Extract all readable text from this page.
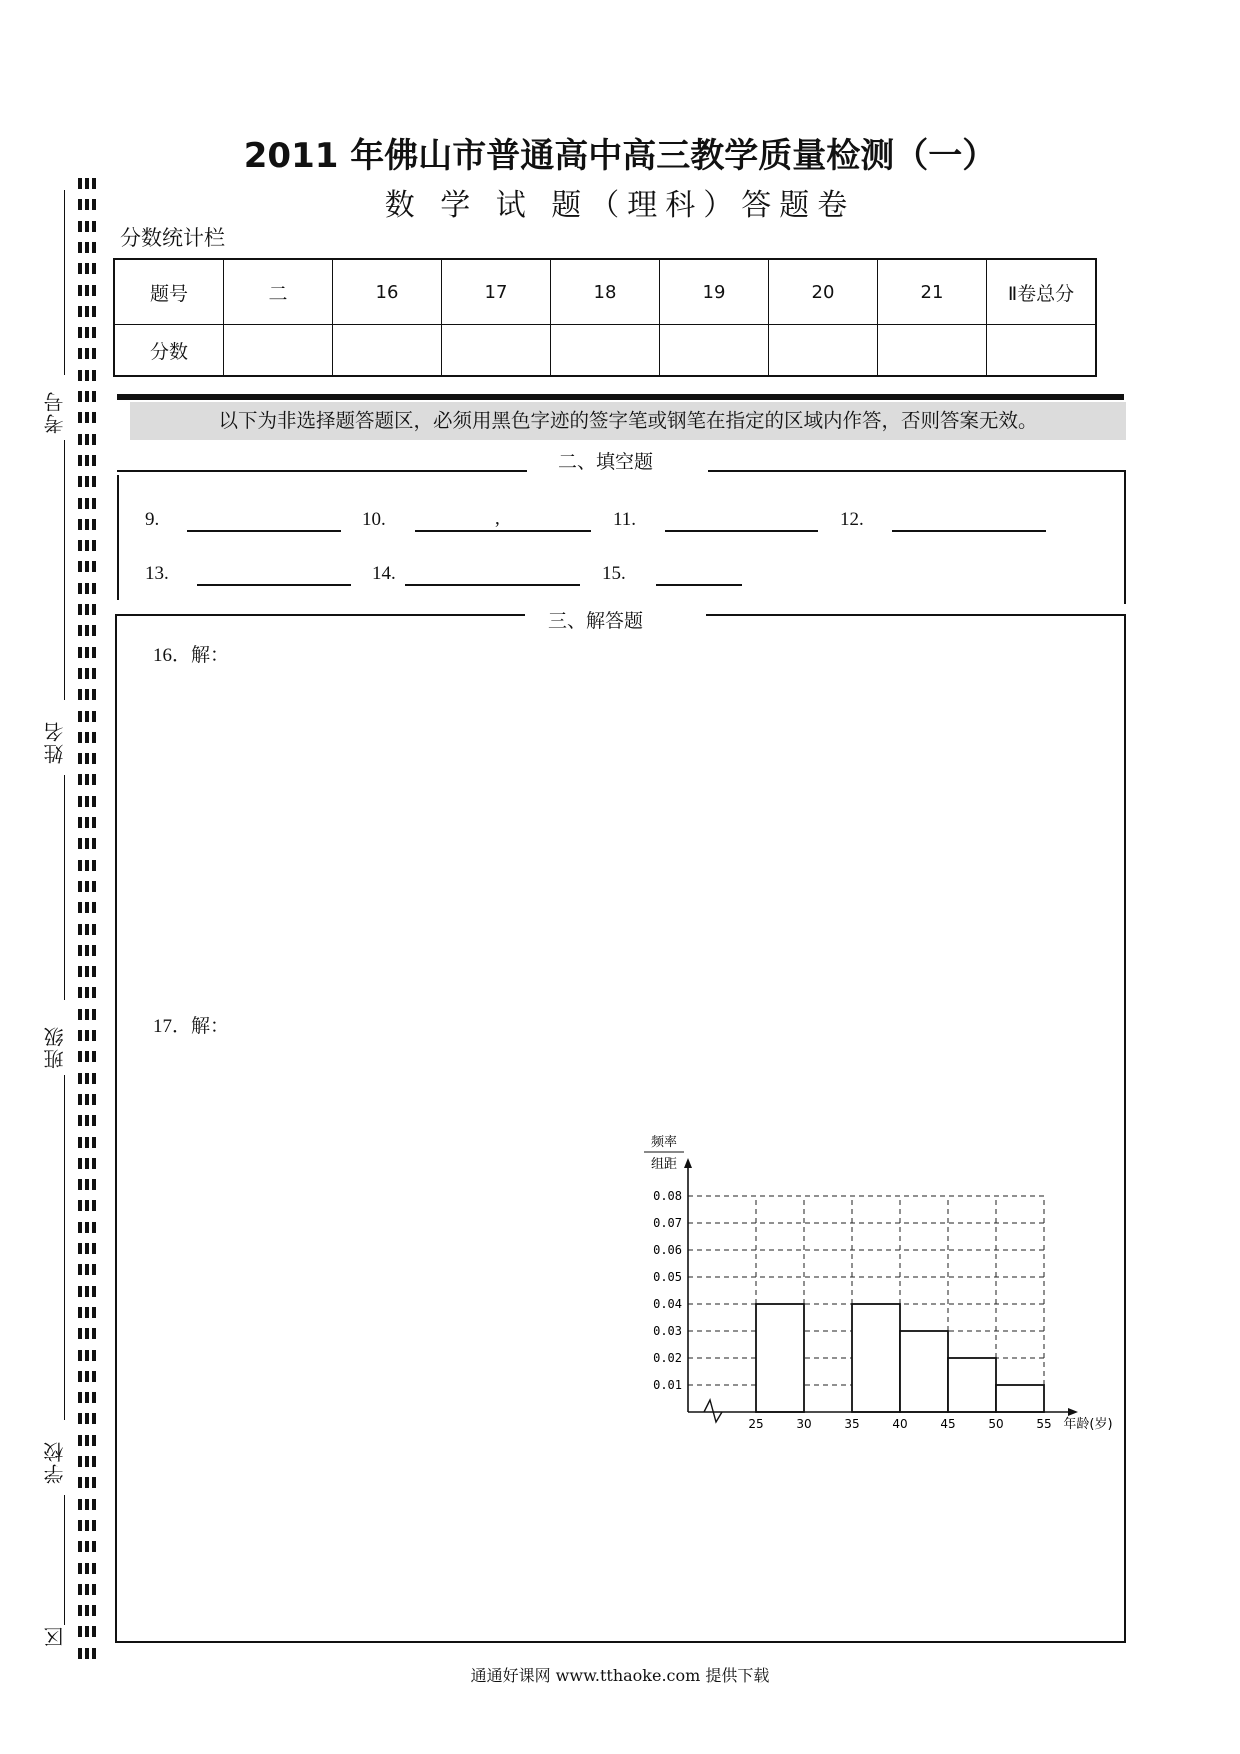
考号
姓名
班级
学校
区
2011 年佛山市普通高中高三教学质量检测（一）
数 学 试 题（理科）答题卷
分数统计栏
题号	二	16	17	18	19	20	21	Ⅱ卷总分
分数								
以下为非选择题答题区，必须用黑色字迹的签字笔或钢笔在指定的区域内作答，否则答案无效。
二、填空题
9.	10.	,	11.	12.
13.	14.	15.
三、解答题
16．解：
17．解：
0.01
0.02
0.03
0.04
0.05
0.06
0.07
0.08
25	30	35	40	45	50	55 年龄(岁)
频率
组距
通通好课网 www.tthaoke.com 提供下载
